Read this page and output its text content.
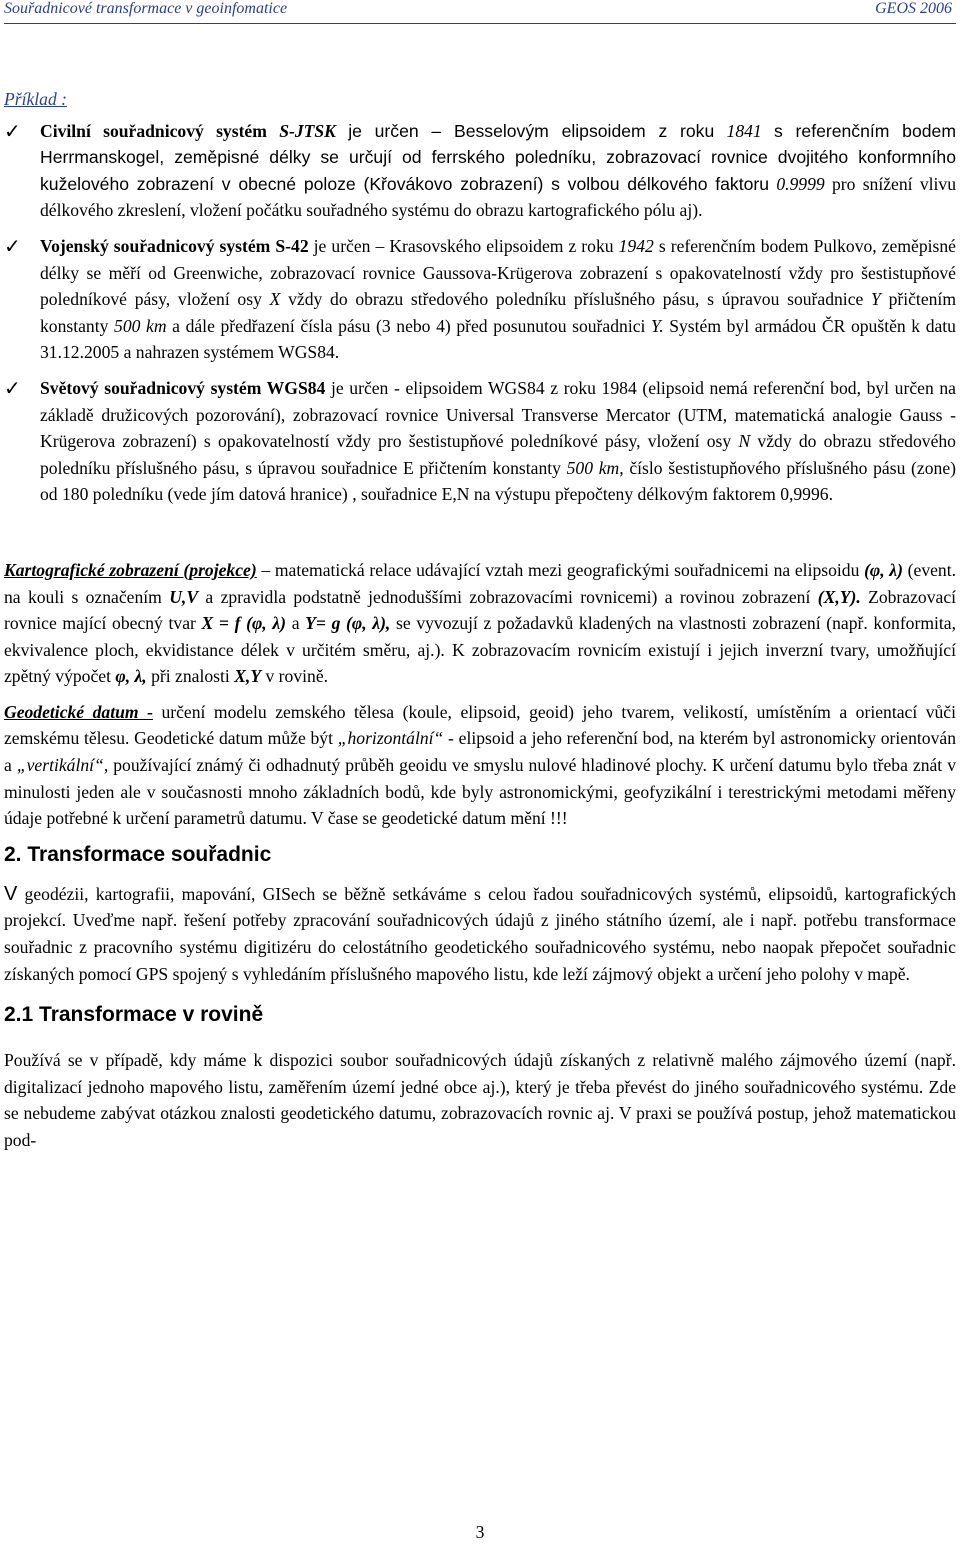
Souřadnicové transformace v geoinfomatice	GEOS 2006
Příklad :
✓ Civilní souřadnicový systém S-JTSK je určen – Besselovým elipsoidem z roku 1841 s referenčním bodem Herrmanskogel, zeměpisné délky se určují od ferrského poledníku, zobrazovací rovnice dvojitého konformního kuželového zobrazení v obecné poloze (Křovákovo zobrazení) s volbou délkového faktoru 0.9999 pro snížení vlivu délkového zkreslení, vložení počátku souřadného systému do obrazu kartografického pólu aj).
✓ Vojenský souřadnicový systém S-42 je určen – Krasovského elipsoidem z roku 1942 s referenčním bodem Pulkovo, zeměpisné délky se měří od Greenwiche, zobrazovací rovnice Gaussova-Krügerova zobrazení s opakovatelností vždy pro šestistupňové poledníkové pásy, vložení osy X vždy do obrazu středového poledníku příslušného pásu, s úpravou souřadnice Y přičtením konstanty 500 km a dále předřazení čísla pásu (3 nebo 4) před posunutou souřadnici Y. Systém byl armádou ČR opuštěn k datu 31.12.2005 a nahrazen systémem WGS84.
✓ Světový souřadnicový systém WGS84 je určen - elipsoidem WGS84 z roku 1984 (elipsoid nemá referenční bod, byl určen na základě družicových pozorování), zobrazovací rovnice Universal Transverse Mercator (UTM, matematická analogie Gauss - Krügerova zobrazení) s opakovatelností vždy pro šestistupňové poledníkové pásy, vložení osy N vždy do obrazu středového poledníku příslušného pásu, s úpravou souřadnice E přičtením konstanty 500 km, číslo šestistupňového příslušného pásu (zone) od 180 poledníku (vede jím datová hranice) , souřadnice E,N na výstupu přepočteny délkovým faktorem 0,9996.

Kartografické zobrazení (projekce) – matematická relace udávající vztah mezi geografickými souřadnicemi na elipsoidu (φ, λ) (event. na kouli s označením U,V a zpravidla podstatně jednoduššími zobrazovacími rovnicemi) a rovinou zobrazení (X,Y). Zobrazovací rovnice mající obecný tvar X = f (φ, λ) a Y= g (φ, λ), se vyvozují z požadavků kladených na vlastnosti zobrazení (např. konformita, ekvivalence ploch, ekvidistance délek v určitém směru, aj.). K zobrazovacím rovnicím existují i jejich inverzní tvary, umožňující zpětný výpočet φ, λ, při znalosti X,Y v rovině.

Geodetické datum - určení modelu zemského tělesa (koule, elipsoid, geoid) jeho tvarem, velikostí, umístěním a orientací vůči zemskému tělesu. Geodetické datum může být „horizontální“ - elipsoid a jeho referenční bod, na kterém byl astronomicky orientován a „vertikální“, používající známý či odhadnutý průběh geoidu ve smyslu nulové hladinové plochy. K určení datumu bylo třeba znát v minulosti jeden ale v současnosti mnoho základních bodů, kde byly astronomickými, geofyzikální i terestrickými metodami měřeny údaje potřebné k určení parametrů datumu. V čase se geodetické datum mění !!!

2. Transformace souřadnic

V geodézii, kartografii, mapování, GISech se běžně setkáváme s celou řadou souřadnicových systémů, elipsoidů, kartografických projekcí. Uveďme např. řešení potřeby zpracování souřadnicových údajů z jiného státního území, ale i např. potřebu transformace souřadnic z pracovního systému digitizéru do celostátního geodetického souřadnicového systému, nebo naopak přepočet souřadnic získaných pomocí GPS spojený s vyhledáním příslušného mapového listu, kde leží zájmový objekt a určení jeho polohy v mapě.

2.1 Transformace v rovině

Používá se v případě, kdy máme k dispozici soubor souřadnicových údajů získaných z relativně malého zájmového území (např. digitalizací jednoho mapového listu, zaměřením území jedné obce aj.), který je třeba převést do jiného souřadnicového systému. Zde se nebudeme zabývat otázkou znalosti geodetického datumu, zobrazovacích rovnic aj. V praxi se používá postup, jehož matematickou pod-

3
